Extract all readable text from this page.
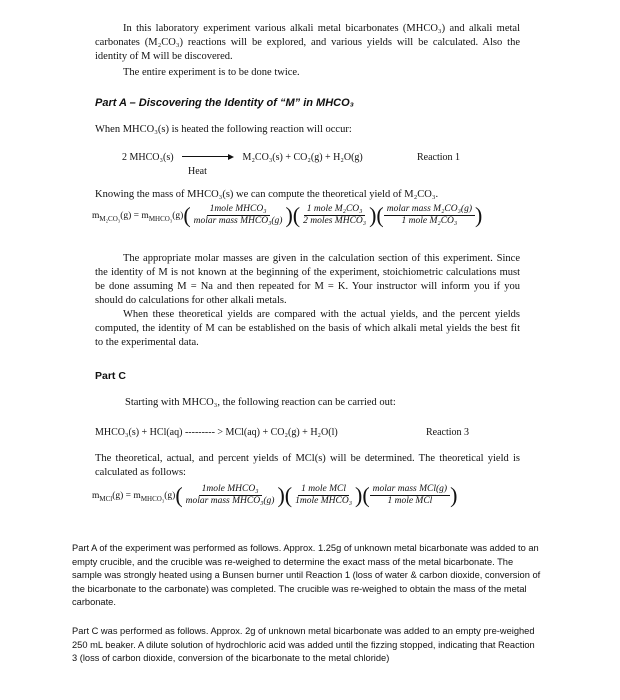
In this laboratory experiment various alkali metal bicarbonates (MHCO₃) and alkali metal carbonates (M₂CO₃) reactions will be explored, and various yields will be calculated. Also the identity of M will be discovered.

The entire experiment is to be done twice.

Part A – Discovering the Identity of “M” in MHCO₃

When MHCO₃(s) is heated the following reaction will occur:

2 MHCO₃(s)	M₂CO₃(s) + CO₂(g) + H₂O(g)	Reaction 1
Heat

Knowing the mass of MHCO₃(s) we can compute the theoretical yield of M₂CO₃.

$m_{M_2CO_3}(g) = m_{MHCO_3}(g)( \frac{\text{1mole MHCO₃}}{\text{molar mass MHCO₃(g)}}$ )( $\frac{\text{1 mole M₂CO₃}}{\text{2 moles MHCO₃}}$ )( $\frac{\text{molar mass M₂CO₃(g)}}{\text{1 mole M₂CO₃}}$ )

The appropriate molar masses are given in the calculation section of this experiment. Since the identity of M is not known at the beginning of the experiment, stoichiometric calculations must be done assuming M = Na and then repeated for M = K. Your instructor will inform you if you should do calculations for other alkali metals.

When these theoretical yields are compared with the actual yields, and the percent yields computed, the identity of M can be established on the basis of which alkali metal yields the best fit to the experimental data.

Part C

Starting with MHCO₃, the following reaction can be carried out:

MHCO₃(s) + HCl(aq) --------- > MCl(aq) + CO₂(g) + H₂O(l)	Reaction 3

The theoretical, actual, and percent yields of MCl(s) will be determined. The theoretical yield is calculated as follows:

$m_{MCl}(g) = m_{MHCO_3}(g)( \frac{\text{1mole MHCO₃}}{\text{molar mass MHCO₃(g)}}$ )( $\frac{\text{1 mole MCl}}{\text{1mole MHCO₃}}$ )( $\frac{\text{molar mass MCl(g)}}{\text{1 mole MCl}}$ )

Part A of the experiment was performed as follows. Approx. 1.25g of unknown metal bicarbonate was added to an empty crucible, and the crucible was re-weighed to determine the exact mass of the metal bicarbonate. The sample was strongly heated using a Bunsen burner until Reaction 1 (loss of water & carbon dioxide, conversion of the bicarbonate to the carbonate) was completed. The crucible was re-weighed to obtain the mass of the metal carbonate.

Part C was performed as follows. Approx. 2g of unknown metal bicarbonate was added to an empty pre-weighed 250 mL beaker. A dilute solution of hydrochloric acid was added until the fizzing stopped, indicating that Reaction 3 (loss of carbon dioxide, conversion of the bicarbonate to the metal chloride)
